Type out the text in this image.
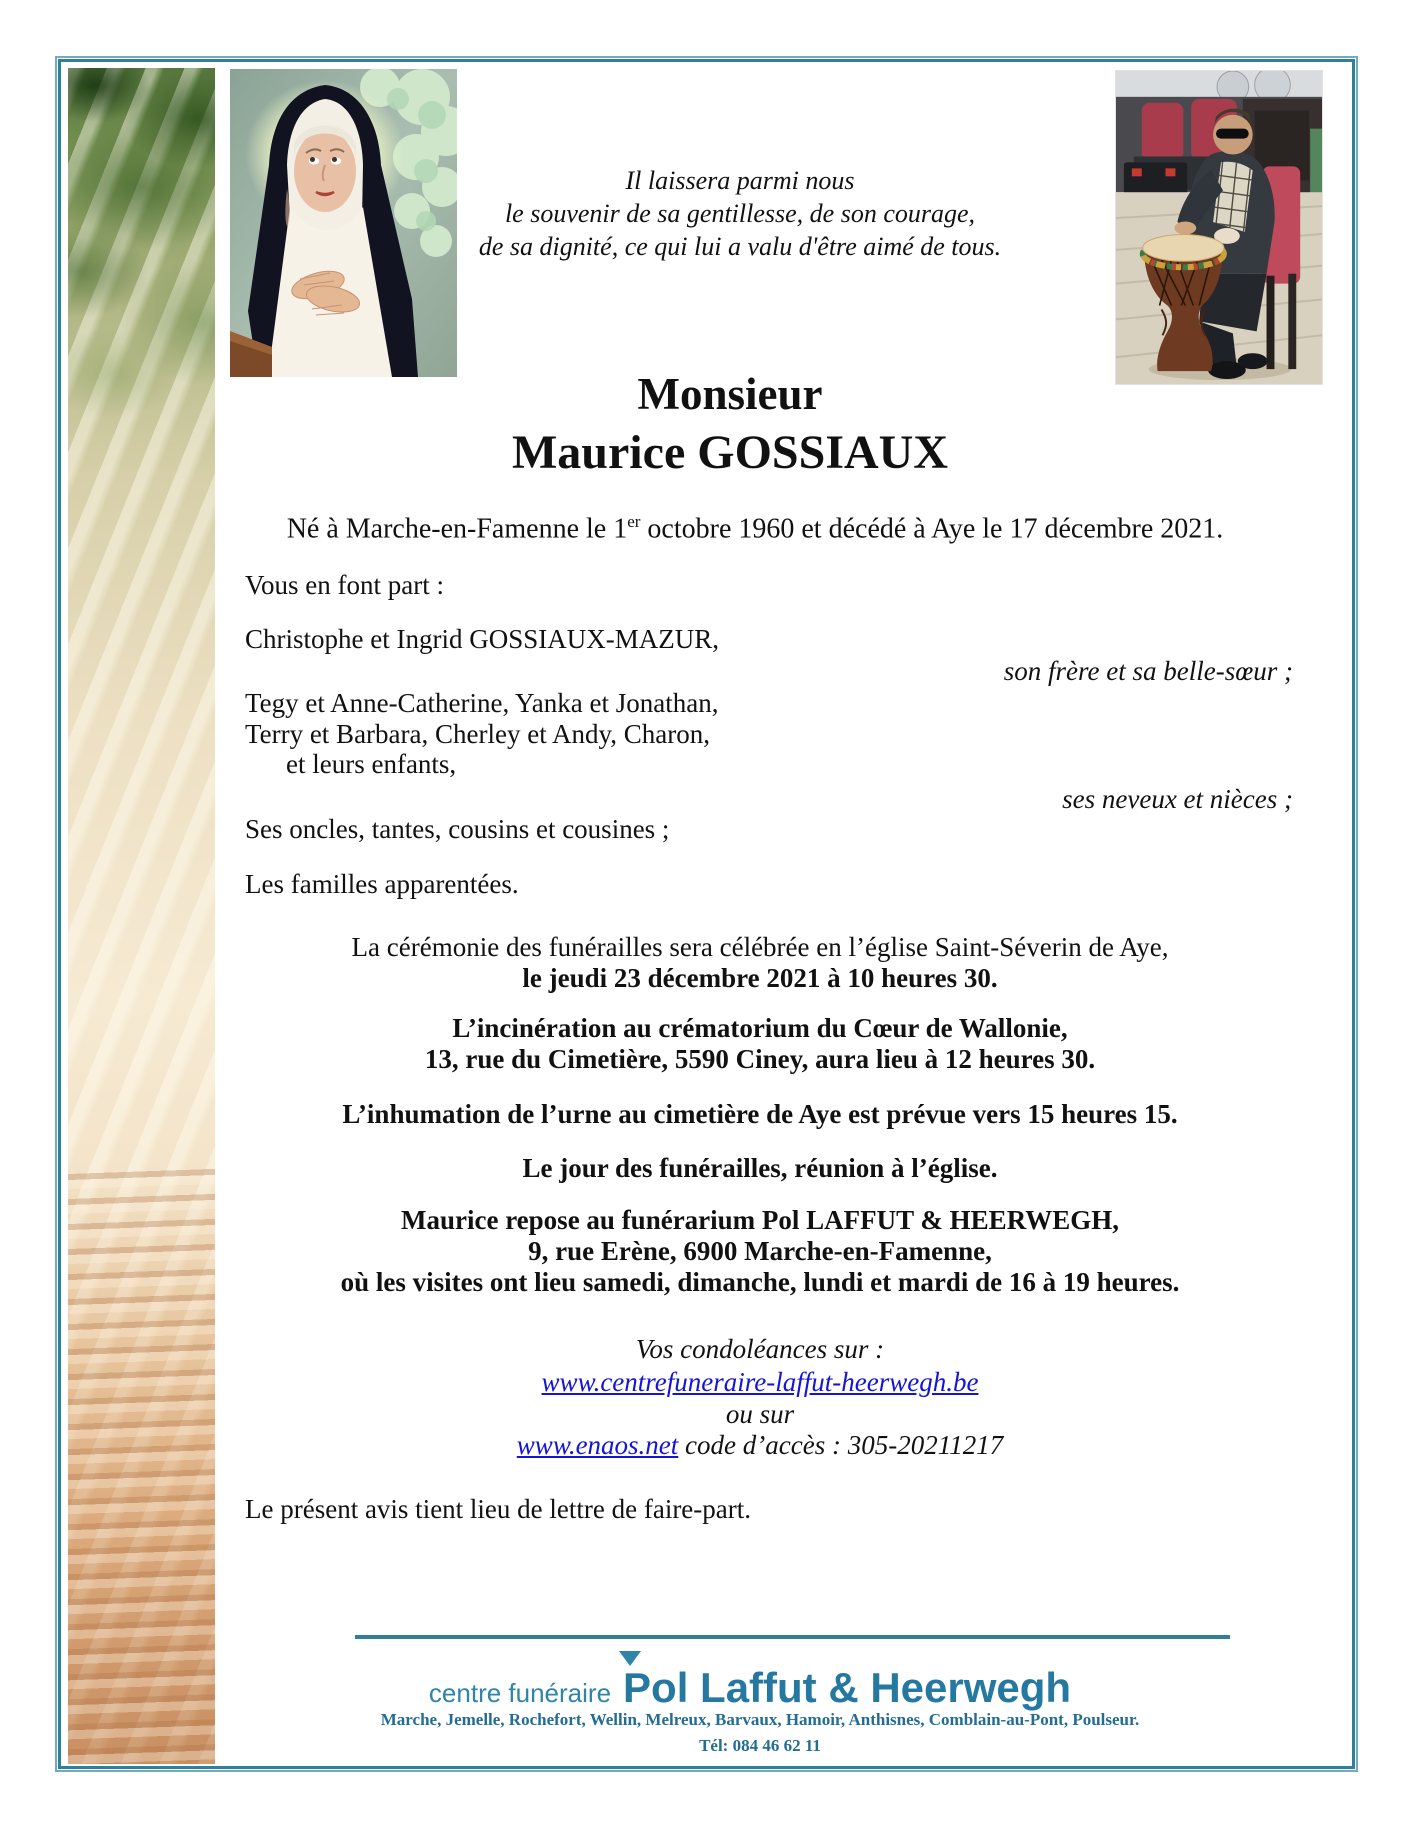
Il laissera parmi nous
le souvenir de sa gentillesse, de son courage,
de sa dignité, ce qui lui a valu d'être aimé de tous.
Monsieur
Maurice GOSSIAUX
Né à Marche-en-Famenne le 1er octobre 1960 et décédé à Aye le 17 décembre 2021.
Vous en font part :
Christophe et Ingrid GOSSIAUX-MAZUR,
son frère et sa belle-sœur ;
Tegy et Anne-Catherine, Yanka et Jonathan,
Terry et Barbara, Cherley et Andy, Charon,
et leurs enfants,
ses neveux et nièces ;
Ses oncles, tantes, cousins et cousines ;
Les familles apparentées.
La cérémonie des funérailles sera célébrée en l’église Saint-Séverin de Aye,
le jeudi 23 décembre 2021 à 10 heures 30.
L’incinération au crématorium du Cœur de Wallonie,
13, rue du Cimetière, 5590 Ciney, aura lieu à 12 heures 30.
L’inhumation de l’urne au cimetière de Aye est prévue vers 15 heures 15.
Le jour des funérailles, réunion à l’église.
Maurice repose au funérarium Pol LAFFUT & HEERWEGH,
9, rue Erène, 6900 Marche-en-Famenne,
où les visites ont lieu samedi, dimanche, lundi et mardi de 16 à 19 heures.
Vos condoléances sur :
www.centrefuneraire-laffut-heerwegh.be
ou sur
www.enaos.net code d’accès : 305-20211217
Le présent avis tient lieu de lettre de faire-part.
centre funéraire Pol Laffut & Heerwegh
Marche, Jemelle, Rochefort, Wellin, Melreux, Barvaux, Hamoir, Anthisnes, Comblain-au-Pont, Poulseur.
Tél: 084 46 62 11
